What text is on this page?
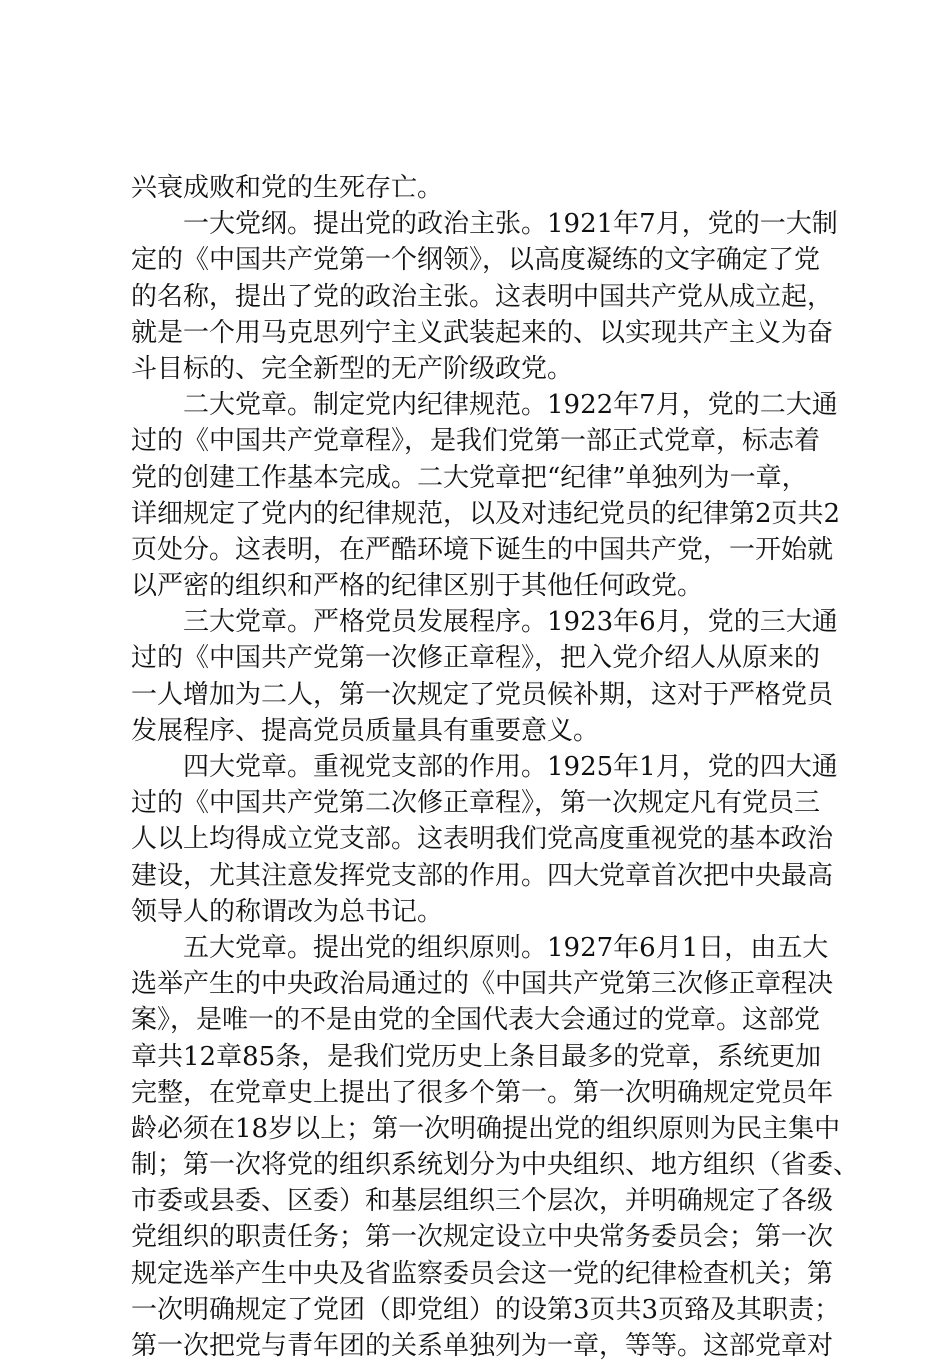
兴衰成败和党的生死存亡。
　　一大党纲。提出党的政治主张。1921年7月，党的一大制
定的《中国共产党第一个纲领》，以高度凝练的文字确定了党
的名称，提出了党的政治主张。这表明中国共产党从成立起，
就是一个用马克思列宁主义武装起来的、以实现共产主义为奋
斗目标的、完全新型的无产阶级政党。
　　二大党章。制定党内纪律规范。1922年7月，党的二大通
过的《中国共产党章程》，是我们党第一部正式党章，标志着
党的创建工作基本完成。二大党章把“纪律”单独列为一章，
详细规定了党内的纪律规范，以及对违纪党员的纪律第2页共2
页处分。这表明，在严酷环境下诞生的中国共产党，一开始就
以严密的组织和严格的纪律区别于其他任何政党。
　　三大党章。严格党员发展程序。1923年6月，党的三大通
过的《中国共产党第一次修正章程》，把入党介绍人从原来的
一人增加为二人，第一次规定了党员候补期，这对于严格党员
发展程序、提高党员质量具有重要意义。
　　四大党章。重视党支部的作用。1925年1月，党的四大通
过的《中国共产党第二次修正章程》，第一次规定凡有党员三
人以上均得成立党支部。这表明我们党高度重视党的基本政治
建设，尤其注意发挥党支部的作用。四大党章首次把中央最高
领导人的称谓改为总书记。
　　五大党章。提出党的组织原则。1927年6月1日，由五大
选举产生的中央政治局通过的《中国共产党第三次修正章程决
案》，是唯一的不是由党的全国代表大会通过的党章。这部党
章共12章85条，是我们党历史上条目最多的党章，系统更加
完整，在党章史上提出了很多个第一。第一次明确规定党员年
龄必须在18岁以上；第一次明确提出党的组织原则为民主集中
制；第一次将党的组织系统划分为中央组织、地方组织（省委、
市委或县委、区委）和基层组织三个层次，并明确规定了各级
党组织的职责任务；第一次规定设立中央常务委员会；第一次
规定选举产生中央及省监察委员会这一党的纪律检查机关；第
一次明确规定了党团（即党组）的设第3页共3页臵及其职责；
第一次把党与青年团的关系单独列为一章，等等。这部党章对
